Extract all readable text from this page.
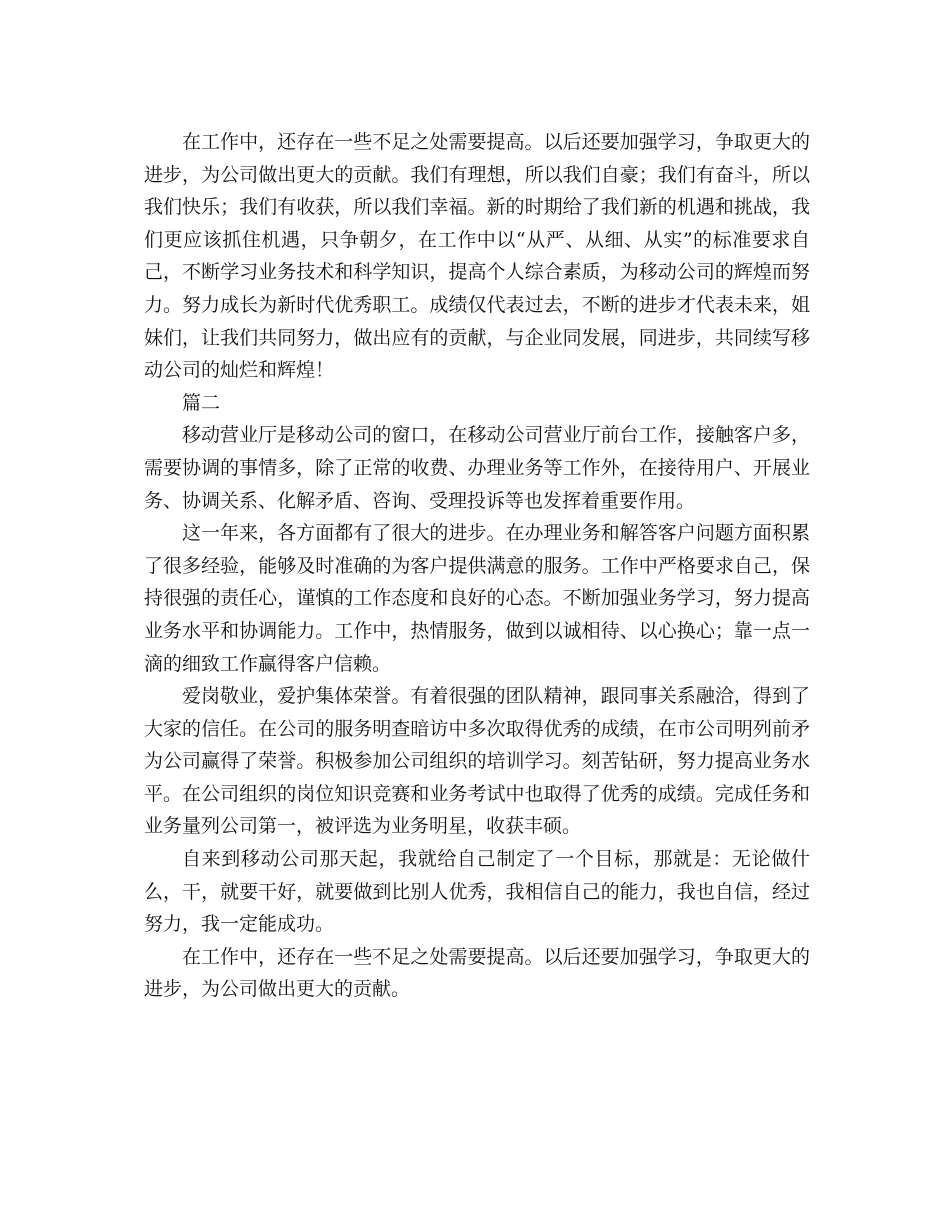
在工作中，还存在一些不足之处需要提高。以后还要加强学习，争取更大的进步，为公司做出更大的贡献。我们有理想，所以我们自豪；我们有奋斗，所以我们快乐；我们有收获，所以我们幸福。新的时期给了我们新的机遇和挑战，我们更应该抓住机遇，只争朝夕，在工作中以“从严、从细、从实”的标准要求自己，不断学习业务技术和科学知识，提高个人综合素质，为移动公司的辉煌而努力。努力成长为新时代优秀职工。成绩仅代表过去，不断的进步才代表未来，姐妹们，让我们共同努力，做出应有的贡献，与企业同发展，同进步，共同续写移动公司的灿烂和辉煌！

篇二

移动营业厅是移动公司的窗口，在移动公司营业厅前台工作，接触客户多，需要协调的事情多，除了正常的收费、办理业务等工作外，在接待用户、开展业务、协调关系、化解矛盾、咨询、受理投诉等也发挥着重要作用。

这一年来，各方面都有了很大的进步。在办理业务和解答客户问题方面积累了很多经验，能够及时准确的为客户提供满意的服务。工作中严格要求自己，保持很强的责任心，谨慎的工作态度和良好的心态。不断加强业务学习，努力提高业务水平和协调能力。工作中，热情服务，做到以诚相待、以心换心；靠一点一滴的细致工作赢得客户信赖。

爱岗敬业，爱护集体荣誉。有着很强的团队精神，跟同事关系融洽，得到了大家的信任。在公司的服务明查暗访中多次取得优秀的成绩，在市公司明列前矛为公司赢得了荣誉。积极参加公司组织的培训学习。刻苦钻研，努力提高业务水平。在公司组织的岗位知识竞赛和业务考试中也取得了优秀的成绩。完成任务和业务量列公司第一，被评选为业务明星，收获丰硕。

自来到移动公司那天起，我就给自己制定了一个目标，那就是：无论做什么，干，就要干好，就要做到比别人优秀，我相信自己的能力，我也自信，经过努力，我一定能成功。

在工作中，还存在一些不足之处需要提高。以后还要加强学习，争取更大的进步，为公司做出更大的贡献。
